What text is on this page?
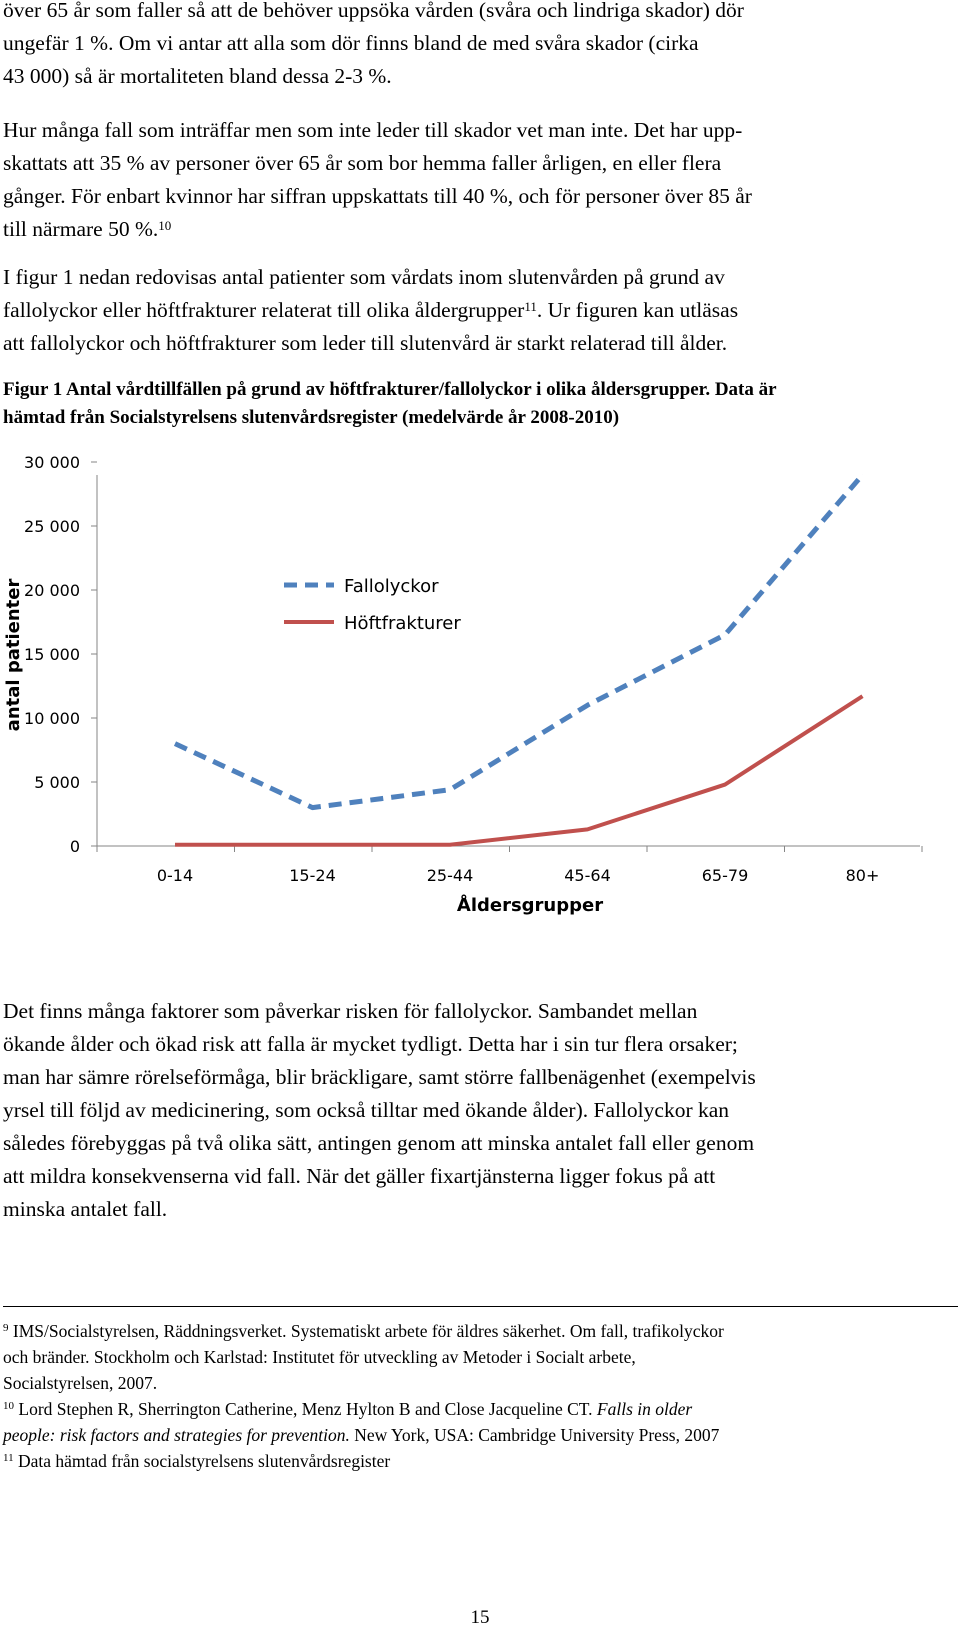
över 65 år som faller så att de behöver uppsöka vården (svåra och lindriga skador) dör
ungefär 1 %. Om vi antar att alla som dör finns bland de med svåra skador (cirka
43 000) så är mortaliteten bland dessa 2-3 %.
Hur många fall som inträffar men som inte leder till skador vet man inte. Det har upp-
skattats att 35 % av personer över 65 år som bor hemma faller årligen, en eller flera
gånger. För enbart kvinnor har siffran uppskattats till 40 %, och för personer över 85 år
till närmare 50 %.$^{10}$
I figur 1 nedan redovisas antal patienter som vårdats inom slutenvården på grund av
fallolyckor eller höftfrakturer relaterat till olika åldergrupper$^{11}$. Ur figuren kan utläsas
att fallolyckor och höftfrakturer som leder till slutenvård är starkt relaterad till ålder.
Figur 1 Antal vårdtillfällen på grund av höftfrakturer/fallolyckor i olika åldersgrupper. Data är
hämtad från Socialstyrelsens slutenvårdsregister (medelvärde år 2008-2010)
0
5 000
10 000
15 000
20 000
25 000
30 000
0-14	15-24	25-44	45-64	65-79	80+
Fallolyckor
Höftfrakturer
Åldersgrupper
antal patienter
Det finns många faktorer som påverkar risken för fallolyckor. Sambandet mellan
ökande ålder och ökad risk att falla är mycket tydligt. Detta har i sin tur flera orsaker;
man har sämre rörelseförmåga, blir bräckligare, samt större fallbenägenhet (exempelvis
yrsel till följd av medicinering, som också tilltar med ökande ålder). Fallolyckor kan
således förebyggas på två olika sätt, antingen genom att minska antalet fall eller genom
att mildra konsekvenserna vid fall. När det gäller fixartjänsterna ligger fokus på att
minska antalet fall.
$^9$ IMS/Socialstyrelsen, Räddningsverket. Systematiskt arbete för äldres säkerhet. Om fall, trafikolyckor
och bränder. Stockholm och Karlstad: Institutet för utveckling av Metoder i Socialt arbete,
Socialstyrelsen, 2007.
$^{10}$ Lord Stephen R, Sherrington Catherine, Menz Hylton B and Close Jacqueline CT. Falls in older
people: risk factors and strategies for prevention. New York, USA: Cambridge University Press, 2007
$^{11}$ Data hämtad från socialstyrelsens slutenvårdsregister
15
